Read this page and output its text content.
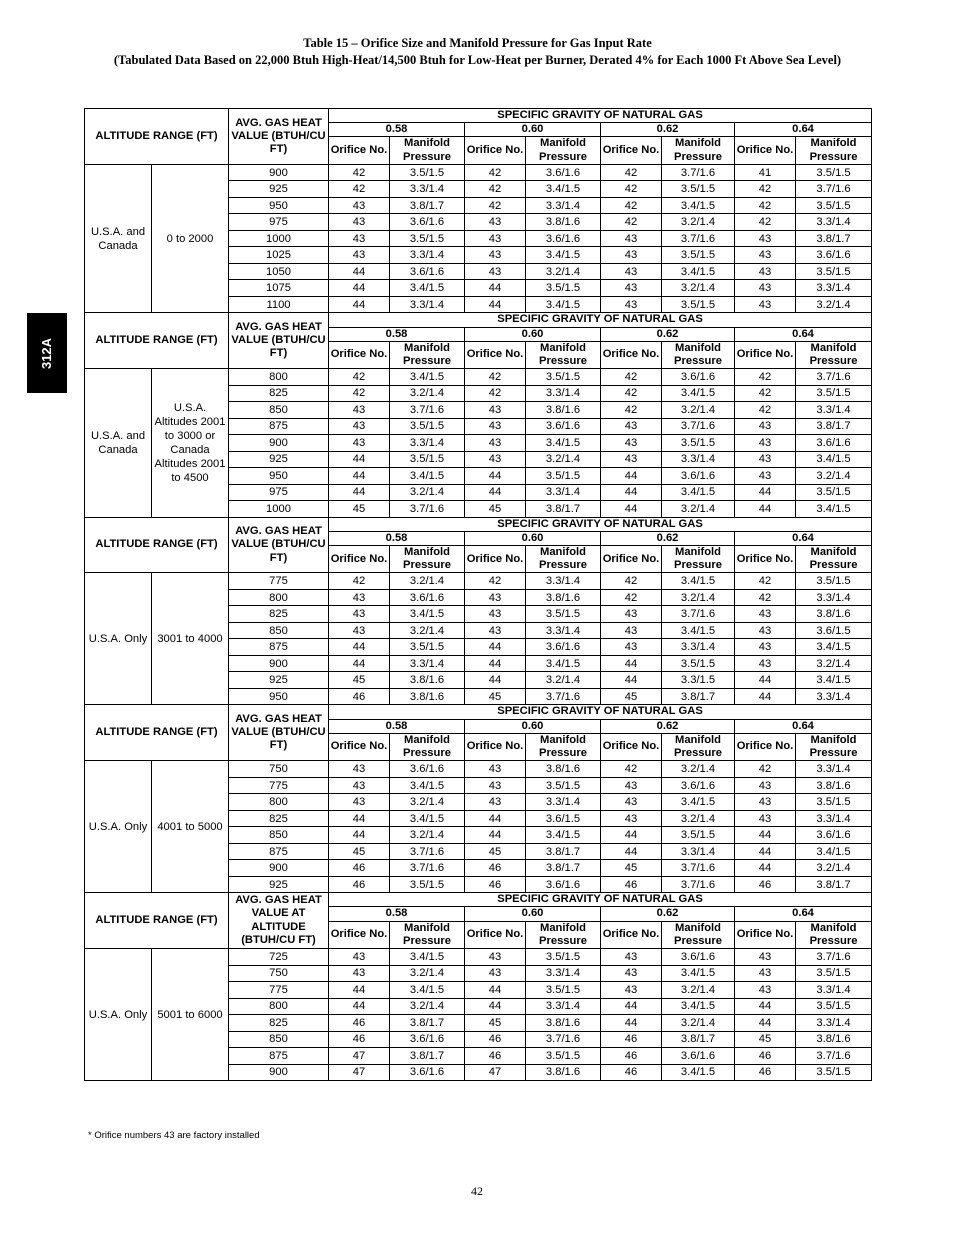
Table 15 – Orifice Size and Manifold Pressure for Gas Input Rate
(Tabulated Data Based on 22,000 Btuh High-Heat/14,500 Btuh for Low-Heat per Burner, Derated 4% for Each 1000 Ft Above Sea Level)
312A
ALTITUDE RANGE (FT)		AVG. GAS HEAT VALUE (BTUH/CU FT)	SPECIFIC GRAVITY OF NATURAL GAS							
			0.58		0.60		0.62		0.64	
			Orifice No.	Manifold Pressure	Orifice No.	Manifold Pressure	Orifice No.	Manifold Pressure	Orifice No.	Manifold Pressure
U.S.A. and Canada	0 to 2000	900	42	3.5/1.5	42	3.6/1.6	42	3.7/1.6	41	3.5/1.5
		925	42	3.3/1.4	42	3.4/1.5	42	3.5/1.5	42	3.7/1.6
		950	43	3.8/1.7	42	3.3/1.4	42	3.4/1.5	42	3.5/1.5
		975	43	3.6/1.6	43	3.8/1.6	42	3.2/1.4	42	3.3/1.4
		1000	43	3.5/1.5	43	3.6/1.6	43	3.7/1.6	43	3.8/1.7
		1025	43	3.3/1.4	43	3.4/1.5	43	3.5/1.5	43	3.6/1.6
		1050	44	3.6/1.6	43	3.2/1.4	43	3.4/1.5	43	3.5/1.5
		1075	44	3.4/1.5	44	3.5/1.5	43	3.2/1.4	43	3.3/1.4
		1100	44	3.3/1.4	44	3.4/1.5	43	3.5/1.5	43	3.2/1.4
ALTITUDE RANGE (FT)		AVG. GAS HEAT VALUE (BTUH/CU FT)	SPECIFIC GRAVITY OF NATURAL GAS							
			0.58		0.60		0.62		0.64	
			Orifice No.	Manifold Pressure	Orifice No.	Manifold Pressure	Orifice No.	Manifold Pressure	Orifice No.	Manifold Pressure
U.S.A. and Canada	U.S.A. Altitudes 2001 to 3000 or Canada Altitudes 2001 to 4500	800	42	3.4/1.5	42	3.5/1.5	42	3.6/1.6	42	3.7/1.6
		825	42	3.2/1.4	42	3.3/1.4	42	3.4/1.5	42	3.5/1.5
		850	43	3.7/1.6	43	3.8/1.6	42	3.2/1.4	42	3.3/1.4
		875	43	3.5/1.5	43	3.6/1.6	43	3.7/1.6	43	3.8/1.7
		900	43	3.3/1.4	43	3.4/1.5	43	3.5/1.5	43	3.6/1.6
		925	44	3.5/1.5	43	3.2/1.4	43	3.3/1.4	43	3.4/1.5
		950	44	3.4/1.5	44	3.5/1.5	44	3.6/1.6	43	3.2/1.4
		975	44	3.2/1.4	44	3.3/1.4	44	3.4/1.5	44	3.5/1.5
		1000	45	3.7/1.6	45	3.8/1.7	44	3.2/1.4	44	3.4/1.5
ALTITUDE RANGE (FT)		AVG. GAS HEAT VALUE (BTUH/CU FT)	SPECIFIC GRAVITY OF NATURAL GAS							
			0.58		0.60		0.62		0.64	
			Orifice No.	Manifold Pressure	Orifice No.	Manifold Pressure	Orifice No.	Manifold Pressure	Orifice No.	Manifold Pressure
U.S.A. Only	3001 to 4000	775	42	3.2/1.4	42	3.3/1.4	42	3.4/1.5	42	3.5/1.5
		800	43	3.6/1.6	43	3.8/1.6	42	3.2/1.4	42	3.3/1.4
		825	43	3.4/1.5	43	3.5/1.5	43	3.7/1.6	43	3.8/1.6
		850	43	3.2/1.4	43	3.3/1.4	43	3.4/1.5	43	3.6/1.5
		875	44	3.5/1.5	44	3.6/1.6	43	3.3/1.4	43	3.4/1.5
		900	44	3.3/1.4	44	3.4/1.5	44	3.5/1.5	43	3.2/1.4
		925	45	3.8/1.6	44	3.2/1.4	44	3.3/1.5	44	3.4/1.5
		950	46	3.8/1.6	45	3.7/1.6	45	3.8/1.7	44	3.3/1.4
ALTITUDE RANGE (FT)		AVG. GAS HEAT VALUE (BTUH/CU FT)	SPECIFIC GRAVITY OF NATURAL GAS							
			0.58		0.60		0.62		0.64	
			Orifice No.	Manifold Pressure	Orifice No.	Manifold Pressure	Orifice No.	Manifold Pressure	Orifice No.	Manifold Pressure
U.S.A. Only	4001 to 5000	750	43	3.6/1.6	43	3.8/1.6	42	3.2/1.4	42	3.3/1.4
		775	43	3.4/1.5	43	3.5/1.5	43	3.6/1.6	43	3.8/1.6
		800	43	3.2/1.4	43	3.3/1.4	43	3.4/1.5	43	3.5/1.5
		825	44	3.4/1.5	44	3.6/1.5	43	3.2/1.4	43	3.3/1.4
		850	44	3.2/1.4	44	3.4/1.5	44	3.5/1.5	44	3.6/1.6
		875	45	3.7/1.6	45	3.8/1.7	44	3.3/1.4	44	3.4/1.5
		900	46	3.7/1.6	46	3.8/1.7	45	3.7/1.6	44	3.2/1.4
		925	46	3.5/1.5	46	3.6/1.6	46	3.7/1.6	46	3.8/1.7
ALTITUDE RANGE (FT)		AVG. GAS HEAT VALUE AT ALTITUDE (BTUH/CU FT)	SPECIFIC GRAVITY OF NATURAL GAS							
			0.58		0.60		0.62		0.64	
			Orifice No.	Manifold Pressure	Orifice No.	Manifold Pressure	Orifice No.	Manifold Pressure	Orifice No.	Manifold Pressure
U.S.A. Only	5001 to 6000	725	43	3.4/1.5	43	3.5/1.5	43	3.6/1.6	43	3.7/1.6
		750	43	3.2/1.4	43	3.3/1.4	43	3.4/1.5	43	3.5/1.5
		775	44	3.4/1.5	44	3.5/1.5	43	3.2/1.4	43	3.3/1.4
		800	44	3.2/1.4	44	3.3/1.4	44	3.4/1.5	44	3.5/1.5
		825	46	3.8/1.7	45	3.8/1.6	44	3.2/1.4	44	3.3/1.4
		850	46	3.6/1.6	46	3.7/1.6	46	3.8/1.7	45	3.8/1.6
		875	47	3.8/1.7	46	3.5/1.5	46	3.6/1.6	46	3.7/1.6
		900	47	3.6/1.6	47	3.8/1.6	46	3.4/1.5	46	3.5/1.5
* Orifice numbers 43 are factory installed
42
